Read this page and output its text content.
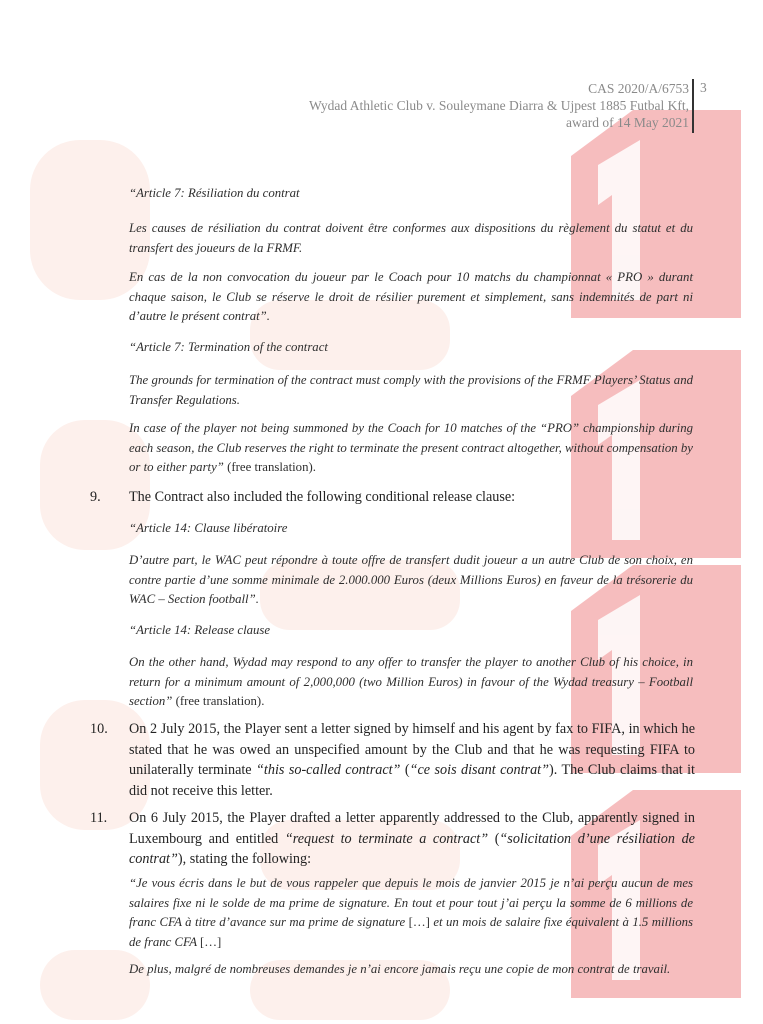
CAS 2020/A/6753
Wydad Athletic Club v. Souleymane Diarra & Ujpest 1885 Futbal Kft,
award of 14 May 2021
3
“Article 7: Résiliation du contrat
Les causes de résiliation du contrat doivent être conformes aux dispositions du règlement du statut et du transfert des joueurs de la FRMF.
En cas de la non convocation du joueur par le Coach pour 10 matchs du championnat « PRO » durant chaque saison, le Club se réserve le droit de résilier purement et simplement, sans indemnités de part ni d’autre le présent contrat”.
“Article 7: Termination of the contract
The grounds for termination of the contract must comply with the provisions of the FRMF Players’ Status and Transfer Regulations.
In case of the player not being summoned by the Coach for 10 matches of the “PRO” championship during each season, the Club reserves the right to terminate the present contract altogether, without compensation by or to either party” (free translation).
9. The Contract also included the following conditional release clause:
“Article 14: Clause libératoire
D’autre part, le WAC peut répondre à toute offre de transfert dudit joueur a un autre Club de son choix, en contre partie d’une somme minimale de 2.000.000 Euros (deux Millions Euros) en faveur de la trésorerie du WAC – Section football”.
“Article 14: Release clause
On the other hand, Wydad may respond to any offer to transfer the player to another Club of his choice, in return for a minimum amount of 2,000,000 (two Million Euros) in favour of the Wydad treasury – Football section” (free translation).
10. On 2 July 2015, the Player sent a letter signed by himself and his agent by fax to FIFA, in which he stated that he was owed an unspecified amount by the Club and that he was requesting FIFA to unilaterally terminate “this so-called contract” (“ce sois disant contrat”). The Club claims that it did not receive this letter.
11. On 6 July 2015, the Player drafted a letter apparently addressed to the Club, apparently signed in Luxembourg and entitled “request to terminate a contract” (“solicitation d’une résiliation de contrat”), stating the following:
“Je vous écris dans le but de vous rappeler que depuis le mois de janvier 2015 je n’ai perçu aucun de mes salaires fixe ni le solde de ma prime de signature. En tout et pour tout j’ai perçu la somme de 6 millions de franc CFA à titre d’avance sur ma prime de signature […] et un mois de salaire fixe équivalent à 1.5 millions de franc CFA […]
De plus, malgré de nombreuses demandes je n’ai encore jamais reçu une copie de mon contrat de travail.
